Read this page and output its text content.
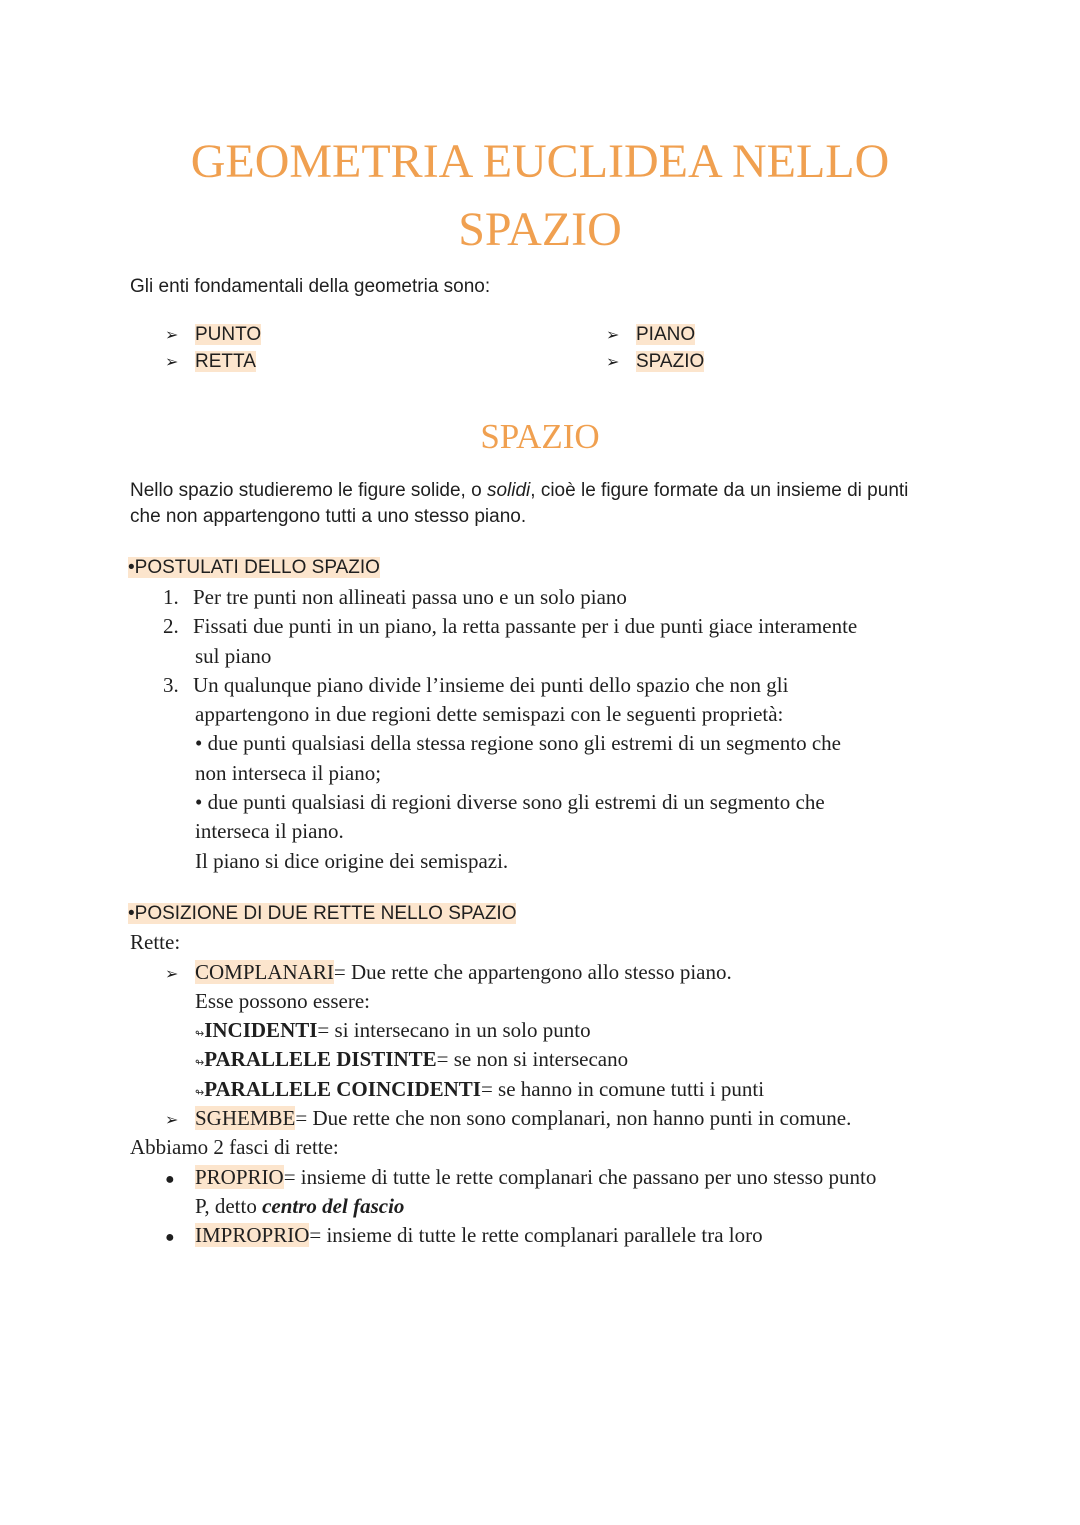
GEOMETRIA EUCLIDEA NELLO
SPAZIO

Gli enti fondamentali della geometria sono:

➢ PUNTO
➢ RETTA
➢ PIANO
➢ SPAZIO
SPAZIO
Nello spazio studieremo le figure solide, o solidi, cioè le figure formate da un insieme di punti
che non appartengono tutti a uno stesso piano.
•POSTULATI DELLO SPAZIO
1. Per tre punti non allineati passa uno e un solo piano
2. Fissati due punti in un piano, la retta passante per i due punti giace interamente
sul piano
3. Un qualunque piano divide l’insieme dei punti dello spazio che non gli
appartengono in due regioni dette semispazi con le seguenti proprietà:
• due punti qualsiasi della stessa regione sono gli estremi di un segmento che
non interseca il piano;
• due punti qualsiasi di regioni diverse sono gli estremi di un segmento che
interseca il piano.
Il piano si dice origine dei semispazi.
•POSIZIONE DI DUE RETTE NELLO SPAZIO
Rette:
➢ COMPLANARI= Due rette che appartengono allo stesso piano.
Esse possono essere:
↬INCIDENTI= si intersecano in un solo punto
↬PARALLELE DISTINTE= se non si intersecano
↬PARALLELE COINCIDENTI= se hanno in comune tutti i punti
➢ SGHEMBE= Due rette che non sono complanari, non hanno punti in comune.
Abbiamo 2 fasci di rette:
● PROPRIO= insieme di tutte le rette complanari che passano per uno stesso punto
P, detto centro del fascio
● IMPROPRIO= insieme di tutte le rette complanari parallele tra loro
